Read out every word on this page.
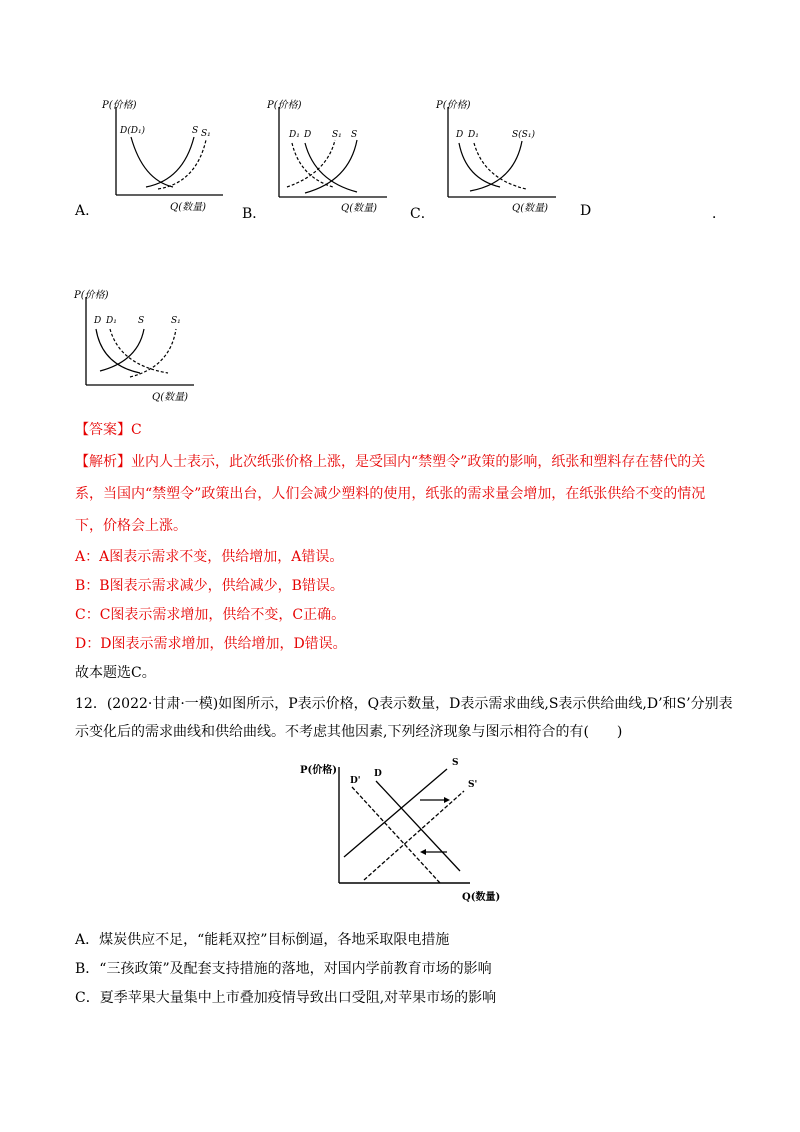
P(价格)
Q(数量)
D(D₁)	S S₁
A.
P(价格)
Q(数量)
D₁ D S₁ S
B．
P(价格)
Q(数量)
D D₁	S(S₁)
C．	D	．
P(价格)
Q(数量)
D D₁ S	S₁
【答案】C
【解析】业内人士表示，此次纸张价格上涨，是受国内“禁塑令”政策的影响，纸张和塑料存在替代的关
系，当国内“禁塑令”政策出台，人们会减少塑料的使用，纸张的需求量会增加，在纸张供给不变的情况
下，价格会上涨。
A：A图表示需求不变，供给增加，A错误。
B：B图表示需求减少，供给减少，B错误。
C：C图表示需求增加，供给不变，C正确。
D：D图表示需求增加，供给增加，D错误。
故本题选C。
12．(2022·甘肃·一模)如图所示，P表示价格，Q表示数量，D表示需求曲线,S表示供给曲线,D’和S’分别表
示变化后的需求曲线和供给曲线。不考虑其他因素,下列经济现象与图示相符合的有(　　)
P(价格)
Q(数量)
D'
D
S
S'
A．煤炭供应不足，“能耗双控”目标倒逼，各地采取限电措施
B．“三孩政策”及配套支持措施的落地，对国内学前教育市场的影响
C．夏季苹果大量集中上市叠加疫情导致出口受阻,对苹果市场的影响
